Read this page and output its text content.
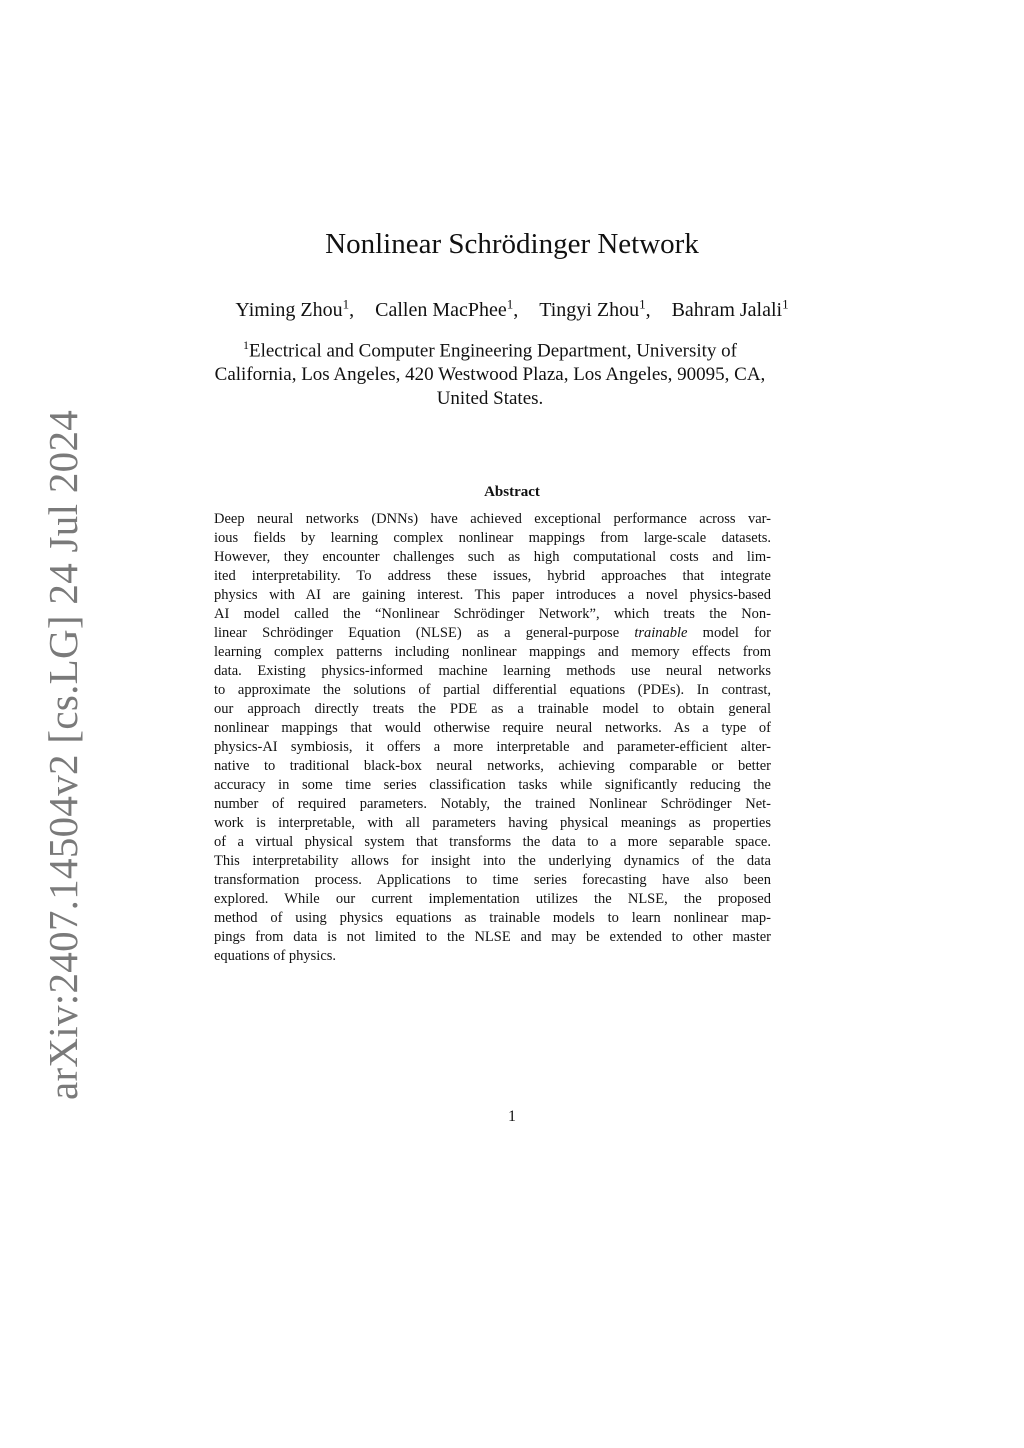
arXiv:2407.14504v2 [cs.LG] 24 Jul 2024
Nonlinear Schrödinger Network
Yiming Zhou$^1$, Callen MacPhee$^1$, Tingyi Zhou$^1$, Bahram Jalali$^1$
$^1$Electrical and Computer Engineering Department, University of
California, Los Angeles, 420 Westwood Plaza, Los Angeles, 90095, CA,
United States.
Abstract
Deep neural networks (DNNs) have achieved exceptional performance across var-
ious fields by learning complex nonlinear mappings from large-scale datasets.
However, they encounter challenges such as high computational costs and lim-
ited interpretability. To address these issues, hybrid approaches that integrate
physics with AI are gaining interest. This paper introduces a novel physics-based
AI model called the “Nonlinear Schrödinger Network”, which treats the Non-
linear Schrödinger Equation (NLSE) as a general-purpose trainable model for
learning complex patterns including nonlinear mappings and memory effects from
data. Existing physics-informed machine learning methods use neural networks
to approximate the solutions of partial differential equations (PDEs). In contrast,
our approach directly treats the PDE as a trainable model to obtain general
nonlinear mappings that would otherwise require neural networks. As a type of
physics-AI symbiosis, it offers a more interpretable and parameter-efficient alter-
native to traditional black-box neural networks, achieving comparable or better
accuracy in some time series classification tasks while significantly reducing the
number of required parameters. Notably, the trained Nonlinear Schrödinger Net-
work is interpretable, with all parameters having physical meanings as properties
of a virtual physical system that transforms the data to a more separable space.
This interpretability allows for insight into the underlying dynamics of the data
transformation process. Applications to time series forecasting have also been
explored. While our current implementation utilizes the NLSE, the proposed
method of using physics equations as trainable models to learn nonlinear map-
pings from data is not limited to the NLSE and may be extended to other master
equations of physics.
1
